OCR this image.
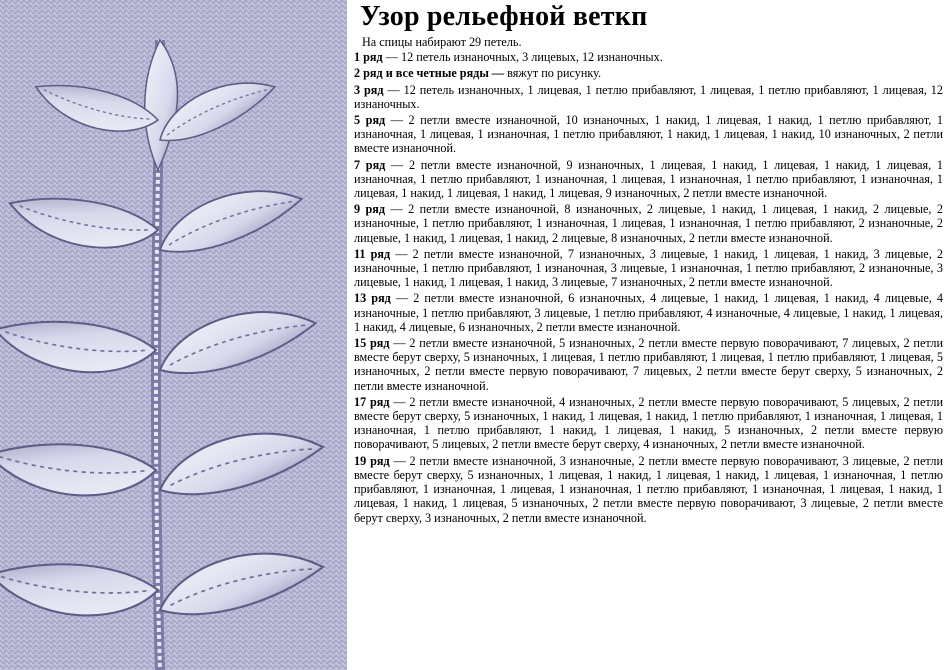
Узор рельефной веткп
На спицы набирают 29 петель.

1 ряд — 12 петель изнаночных, 3 лицевых, 12 изнаночных.

2 ряд и все четные ряды — вяжут по рисунку.

3 ряд — 12 петель изнаночных, 1 лицевая, 1 петлю прибавляют, 1 лицевая, 1 петлю прибавляют, 1 лицевая, 12 изнаночных.

5 ряд — 2 петли вместе изнаночной, 10 изнаночных, 1 накид, 1 лицевая, 1 накид, 1 петлю прибавляют, 1 изнаночная, 1 лицевая, 1 изнаночная, 1 петлю прибавляют, 1 накид, 1 лицевая, 1 накид, 10 изнаночных, 2 петли вместе изнаночной.

7 ряд — 2 петли вместе изнаночной, 9 изнаночных, 1 лицевая, 1 накид, 1 лицевая, 1 накид, 1 лицевая, 1 изнаночная, 1 петлю прибавляют, 1 изнаночная, 1 лицевая, 1 изнаночная, 1 петлю прибавляют, 1 изнаночная, 1 лицевая, 1 накид, 1 лицевая, 1 накид, 1 лицевая, 9 изнаночных, 2 петли вместе изнаночной.

9 ряд — 2 петли вместе изнаночной, 8 изнаночных, 2 лицевые, 1 накид, 1 лицевая, 1 накид, 2 лицевые, 2 изнаночные, 1 петлю прибавляют, 1 изнаночная, 1 лицевая, 1 изнаночная, 1 петлю прибавляют, 2 изнаночные, 2 лицевые, 1 накид, 1 лицевая, 1 накид, 2 лицевые, 8 изнаночных, 2 петли вместе изнаночной.

11 ряд — 2 петли вместе изнаночной, 7 изнаночных, 3 лицевые, 1 накид, 1 лицевая, 1 накид, 3 лицевые, 2 изнаночные, 1 петлю прибавляют, 1 изнаночная, 3 лицевые, 1 изнаночная, 1 петлю прибавляют, 2 изнаночные, 3 лицевые, 1 накид, 1 лицевая, 1 накид, 3 лицевые, 7 изнаночных, 2 петли вместе изнаночной.

13 ряд — 2 петли вместе изнаночной, 6 изнаночных, 4 лицевые, 1 накид, 1 лицевая, 1 накид, 4 лицевые, 4 изнаночные, 1 петлю прибавляют, 3 лицевые, 1 петлю прибавляют, 4 изнаночные, 4 лицевые, 1 накид, 1 лицевая, 1 накид, 4 лицевые, 6 изнаночных, 2 петли вместе изнаночной.

15 ряд — 2 петли вместе изнаночной, 5 изнаночных, 2 петли вместе первую поворачивают, 7 лицевых, 2 петли вместе берут сверху, 5 изнаночных, 1 лицевая, 1 петлю прибавляют, 1 лицевая, 1 петлю прибавляют, 1 лицевая, 5 изнаночных, 2 петли вместе первую поворачивают, 7 лицевых, 2 петли вместе берут сверху, 5 изнаночных, 2 петли вместе изнаночной.

17 ряд — 2 петли вместе изнаночной, 4 изнаночных, 2 петли вместе первую поворачивают, 5 лицевых, 2 петли вместе берут сверху, 5 изнаночных, 1 накид, 1 лицевая, 1 накид, 1 петлю прибавляют, 1 изнаночная, 1 лицевая, 1 изнаночная, 1 петлю прибавляют, 1 накид, 1 лицевая, 1 накид, 5 изнаночных, 2 петли вместе первую поворачивают, 5 лицевых, 2 петли вместе берут сверху, 4 изнаночных, 2 петли вместе изнаночной.

19 ряд — 2 петли вместе изнаночной, 3 изнаночные, 2 петли вместе первую поворачивают, 3 лицевые, 2 петли вместе берут сверху, 5 изнаночных, 1 лицевая, 1 накид, 1 лицевая, 1 накид, 1 лицевая, 1 изнаночная, 1 петлю прибавляют, 1 изнаночная, 1 лицевая, 1 изнаночная, 1 петлю прибавляют, 1 изнаночная, 1 лицевая, 1 накид, 1 лицевая, 1 накид, 1 лицевая, 5 изнаночных, 2 петли вместе первую поворачивают, 3 лицевые, 2 петли вместе берут сверху, 3 изнаночных, 2 петли вместе изнаночной.
